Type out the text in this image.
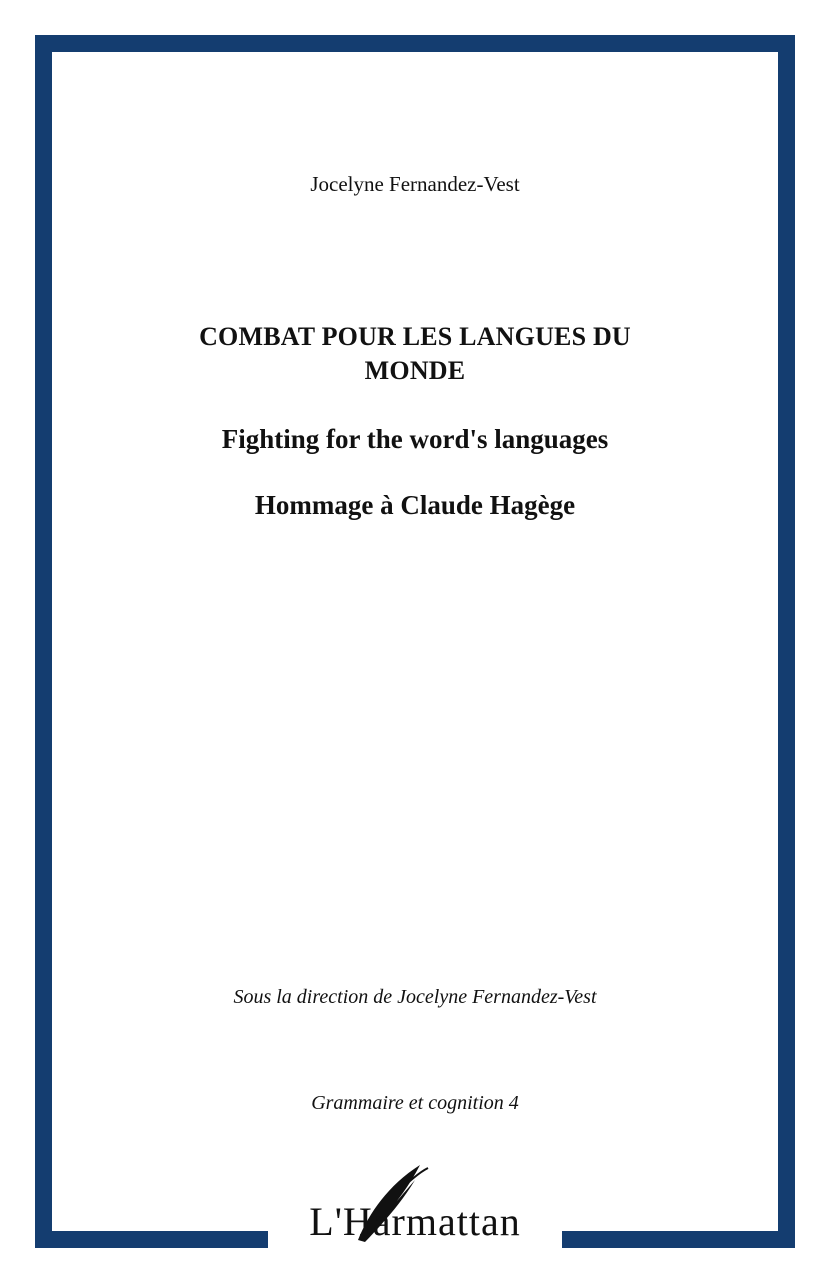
Jocelyne Fernandez-Vest
COMBAT POUR LES LANGUES DU MONDE
Fighting for the word's languages
Hommage à Claude Hagège
Sous la direction de Jocelyne Fernandez-Vest
Grammaire et cognition 4
L'Harmattan
